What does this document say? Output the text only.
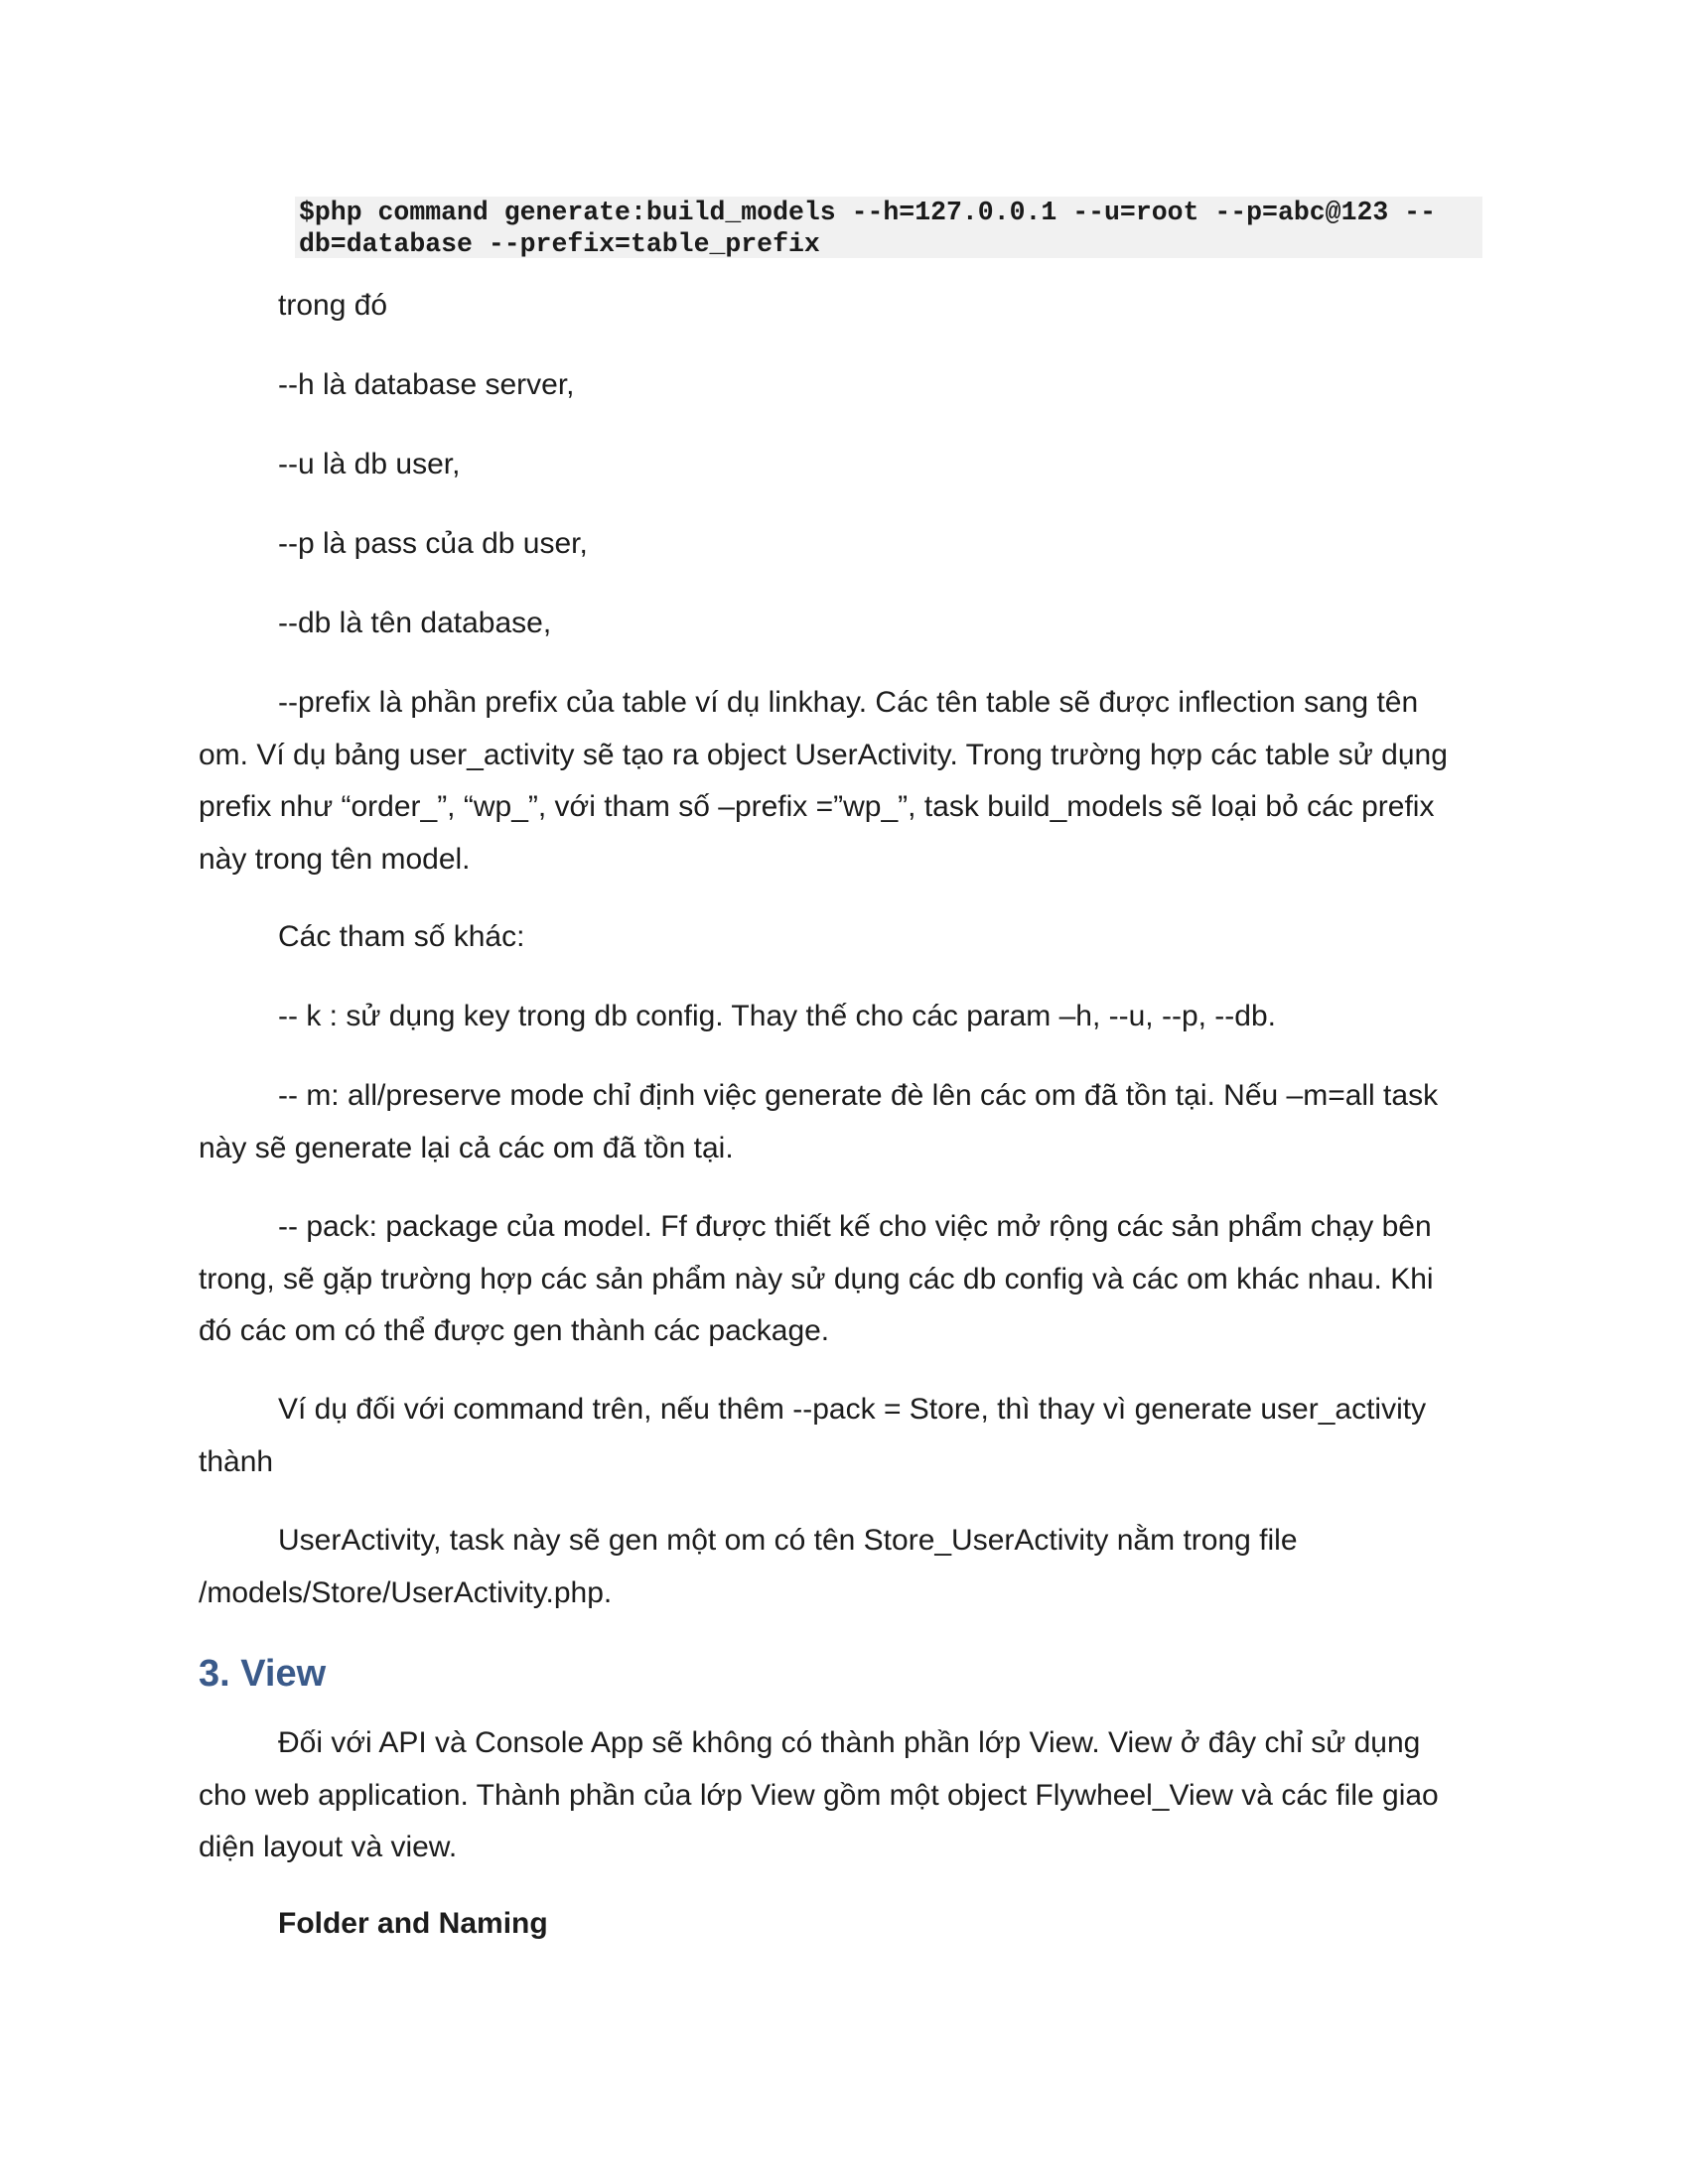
$php command generate:build_models --h=127.0.0.1 --u=root --p=abc@123 --
db=database --prefix=table_prefix

trong đó

--h là database server,

--u là db user,

--p là pass của db user,

--db là tên database,

--prefix là phần prefix của table ví dụ linkhay. Các tên table sẽ được inflection sang tên
om. Ví dụ bảng user_activity sẽ tạo ra object UserActivity. Trong trường hợp các table sử dụng
prefix như “order_”, “wp_”, với tham số –prefix =”wp_”, task build_models sẽ loại bỏ các prefix
này trong tên model.

Các tham số khác:

-- k : sử dụng key trong db config. Thay thế cho các param –h, --u, --p, --db.

-- m: all/preserve mode chỉ định việc generate đè lên các om đã tồn tại. Nếu –m=all task
này sẽ generate lại cả các om đã tồn tại.

-- pack: package của model. Ff được thiết kế cho việc mở rộng các sản phẩm chạy bên
trong, sẽ gặp trường hợp các sản phẩm này sử dụng các db config và các om khác nhau. Khi
đó các om có thể được gen thành các package.

Ví dụ đối với command trên, nếu thêm --pack = Store, thì thay vì generate user_activity
thành

UserActivity, task này sẽ gen một om có tên Store_UserActivity nằm trong file
/models/Store/UserActivity.php.

3. View

Đối với API và Console App sẽ không có thành phần lớp View. View ở đây chỉ sử dụng
cho web application. Thành phần của lớp View gồm một object Flywheel_View và các file giao
diện layout và view.

Folder and Naming
